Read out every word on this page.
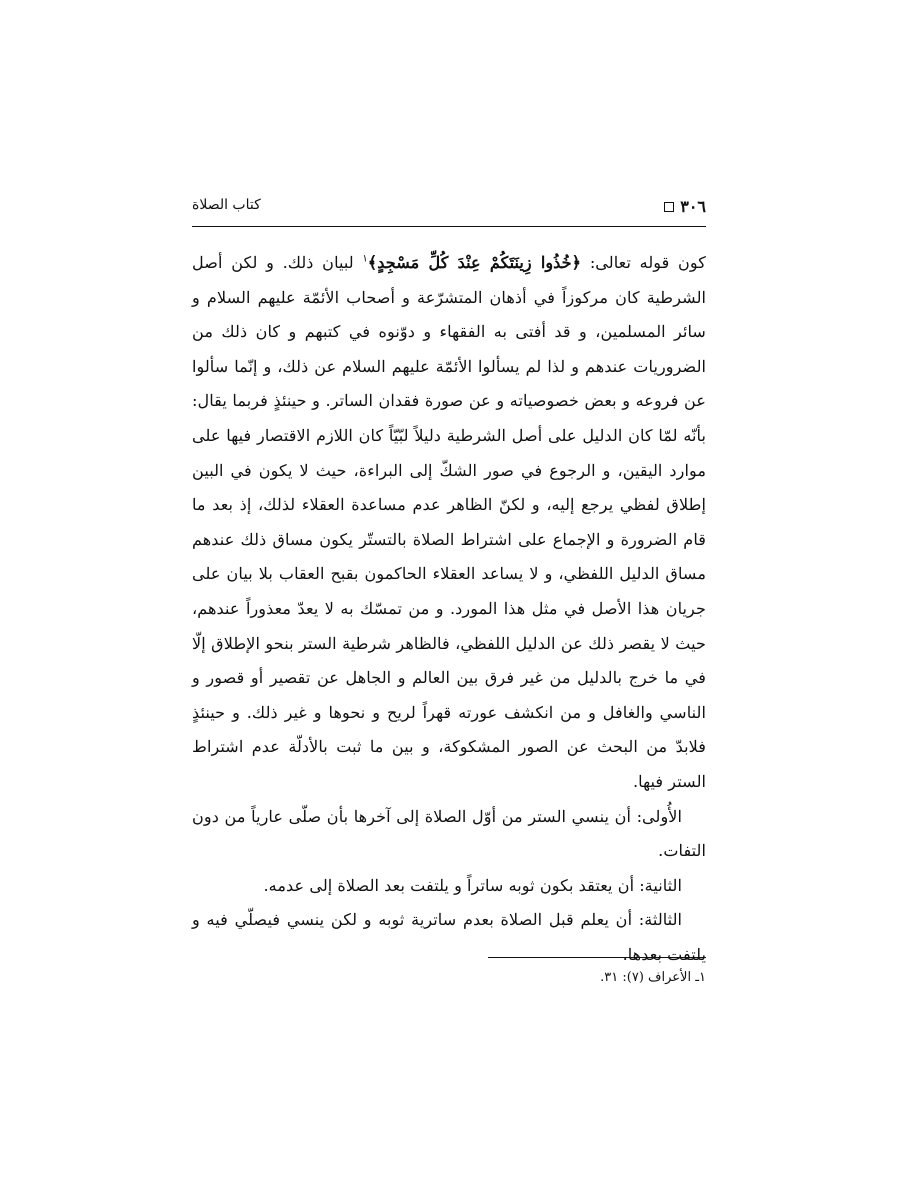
٣٠٦
كتاب الصلاة

كون قوله تعالى: ﴿خُذُوا زِينَتَكُمْ عِنْدَ كُلِّ مَسْجِدٍ﴾$^١$ لبيان ذلك. و لكن أصل الشرطية كان مركوزاً في أذهان المتشرّعة و أصحاب الأئمّة عليهم السلام و سائر المسلمين، و قد أفتى به الفقهاء و دوّنوه في كتبهم و كان ذلك من الضروريات عندهم و لذا لم يسألوا الأئمّة عليهم السلام عن ذلك، و إنّما سألوا عن فروعه و بعض خصوصياته و عن صورة فقدان الساتر. و حينئذٍ فربما يقال: بأنّه لمّا كان الدليل على أصل الشرطية دليلاً لبّيّاً كان اللازم الاقتصار فيها على موارد اليقين، و الرجوع في صور الشكّ إلى البراءة، حيث لا يكون في البين إطلاق لفظي يرجع إليه، و لكنّ الظاهر عدم مساعدة العقلاء لذلك، إذ بعد ما قام الضرورة و الإجماع على اشتراط الصلاة بالتستّر يكون مساق ذلك عندهم مساق الدليل اللفظي، و لا يساعد العقلاء الحاكمون بقبح العقاب بلا بيان على جريان هذا الأصل في مثل هذا المورد. و من تمسّك به لا يعدّ معذوراً عندهم، حيث لا يقصر ذلك عن الدليل اللفظي، فالظاهر شرطية الستر بنحو الإطلاق إلّا في ما خرج بالدليل من غير فرق بين العالم و الجاهل عن تقصير أو قصور و الناسي والغافل و من انكشف عورته قهراً لريح و نحوها و غير ذلك. و حينئذٍ فلابدّ من البحث عن الصور المشكوكة، و بين ما ثبت بالأدلّة عدم اشتراط الستر فيها.

الأُولى: أن ينسي الستر من أوّل الصلاة إلى آخرها بأن صلّى عارياً من دون التفات.

الثانية: أن يعتقد بكون ثوبه ساتراً و يلتفت بعد الصلاة إلى عدمه.

الثالثة: أن يعلم قبل الصلاة بعدم ساترية ثوبه و لكن ينسي فيصلّي فيه و يلتفت بعدها.

١ـ الأعراف (٧): ٣١.
